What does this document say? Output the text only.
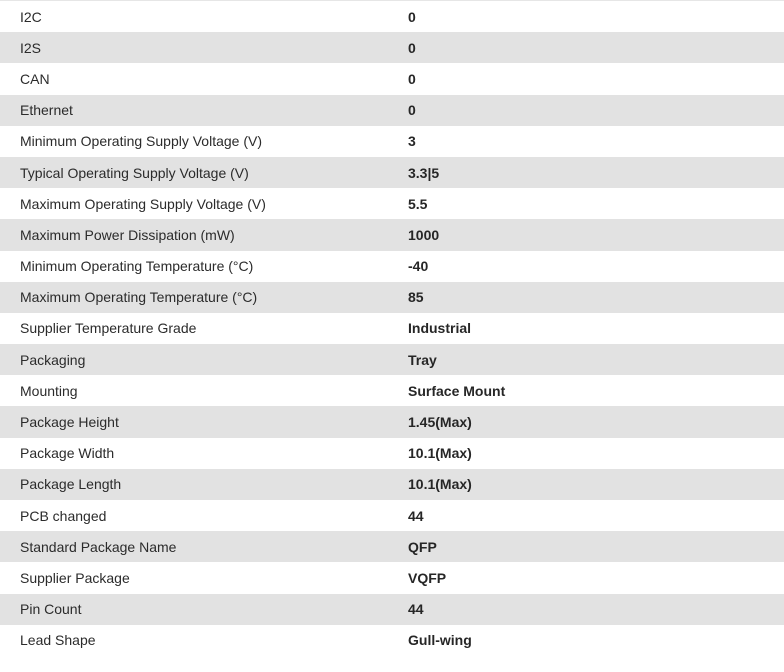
I2C	0
I2S	0
CAN	0
Ethernet	0
Minimum Operating Supply Voltage (V)	3
Typical Operating Supply Voltage (V)	3.3|5
Maximum Operating Supply Voltage (V)	5.5
Maximum Power Dissipation (mW)	1000
Minimum Operating Temperature (°C)	-40
Maximum Operating Temperature (°C)	85
Supplier Temperature Grade	Industrial
Packaging	Tray
Mounting	Surface Mount
Package Height	1.45(Max)
Package Width	10.1(Max)
Package Length	10.1(Max)
PCB changed	44
Standard Package Name	QFP
Supplier Package	VQFP
Pin Count	44
Lead Shape	Gull-wing
